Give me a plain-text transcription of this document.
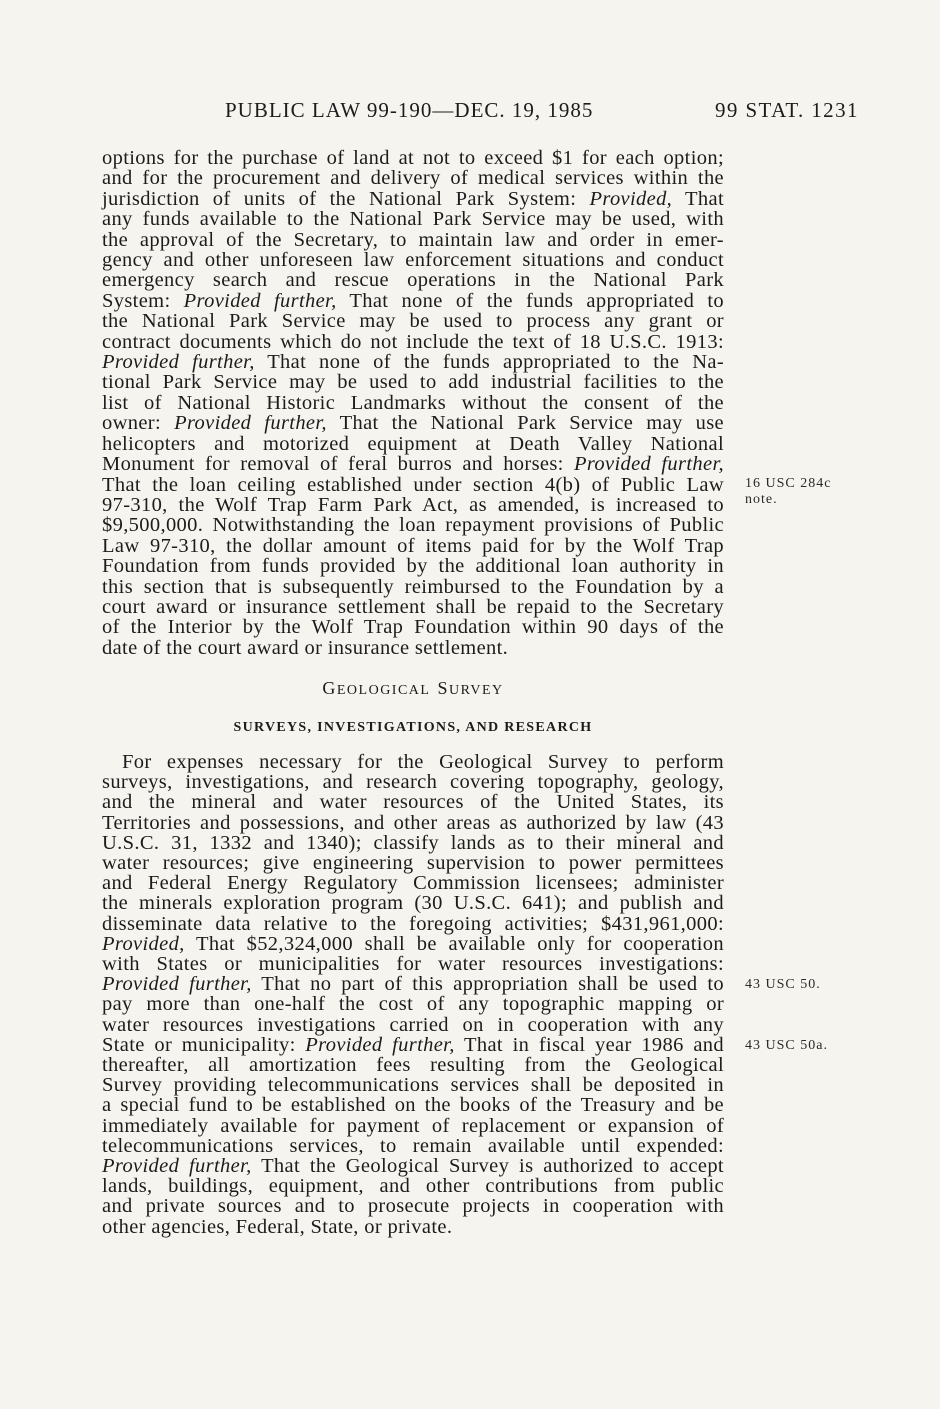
PUBLIC LAW 99-190—DEC. 19, 1985	99 STAT. 1231
options for the purchase of land at not to exceed $1 for each option;
and for the procurement and delivery of medical services within the
jurisdiction of units of the National Park System: Provided, That
any funds available to the National Park Service may be used, with
the approval of the Secretary, to maintain law and order in emer-
gency and other unforeseen law enforcement situations and conduct
emergency search and rescue operations in the National Park
System: Provided further, That none of the funds appropriated to
the National Park Service may be used to process any grant or
contract documents which do not include the text of 18 U.S.C. 1913:
Provided further, That none of the funds appropriated to the Na-
tional Park Service may be used to add industrial facilities to the
list of National Historic Landmarks without the consent of the
owner: Provided further, That the National Park Service may use
helicopters and motorized equipment at Death Valley National
Monument for removal of feral burros and horses: Provided further,
That the loan ceiling established under section 4(b) of Public Law
97-310, the Wolf Trap Farm Park Act, as amended, is increased to
$9,500,000. Notwithstanding the loan repayment provisions of Public
Law 97-310, the dollar amount of items paid for by the Wolf Trap
Foundation from funds provided by the additional loan authority in
this section that is subsequently reimbursed to the Foundation by a
court award or insurance settlement shall be repaid to the Secretary
of the Interior by the Wolf Trap Foundation within 90 days of the
date of the court award or insurance settlement.
16 USC 284c
note.
GEOLOGICAL SURVEY
SURVEYS, INVESTIGATIONS, AND RESEARCH
For expenses necessary for the Geological Survey to perform
surveys, investigations, and research covering topography, geology,
and the mineral and water resources of the United States, its
Territories and possessions, and other areas as authorized by law (43
U.S.C. 31, 1332 and 1340); classify lands as to their mineral and
water resources; give engineering supervision to power permittees
and Federal Energy Regulatory Commission licensees; administer
the minerals exploration program (30 U.S.C. 641); and publish and
disseminate data relative to the foregoing activities; $431,961,000:
Provided, That $52,324,000 shall be available only for cooperation
with States or municipalities for water resources investigations:
Provided further, That no part of this appropriation shall be used to
pay more than one-half the cost of any topographic mapping or
water resources investigations carried on in cooperation with any
State or municipality: Provided further, That in fiscal year 1986 and
thereafter, all amortization fees resulting from the Geological
Survey providing telecommunications services shall be deposited in
a special fund to be established on the books of the Treasury and be
immediately available for payment of replacement or expansion of
telecommunications services, to remain available until expended:
Provided further, That the Geological Survey is authorized to accept
lands, buildings, equipment, and other contributions from public
and private sources and to prosecute projects in cooperation with
other agencies, Federal, State, or private.
43 USC 50.
43 USC 50a.
